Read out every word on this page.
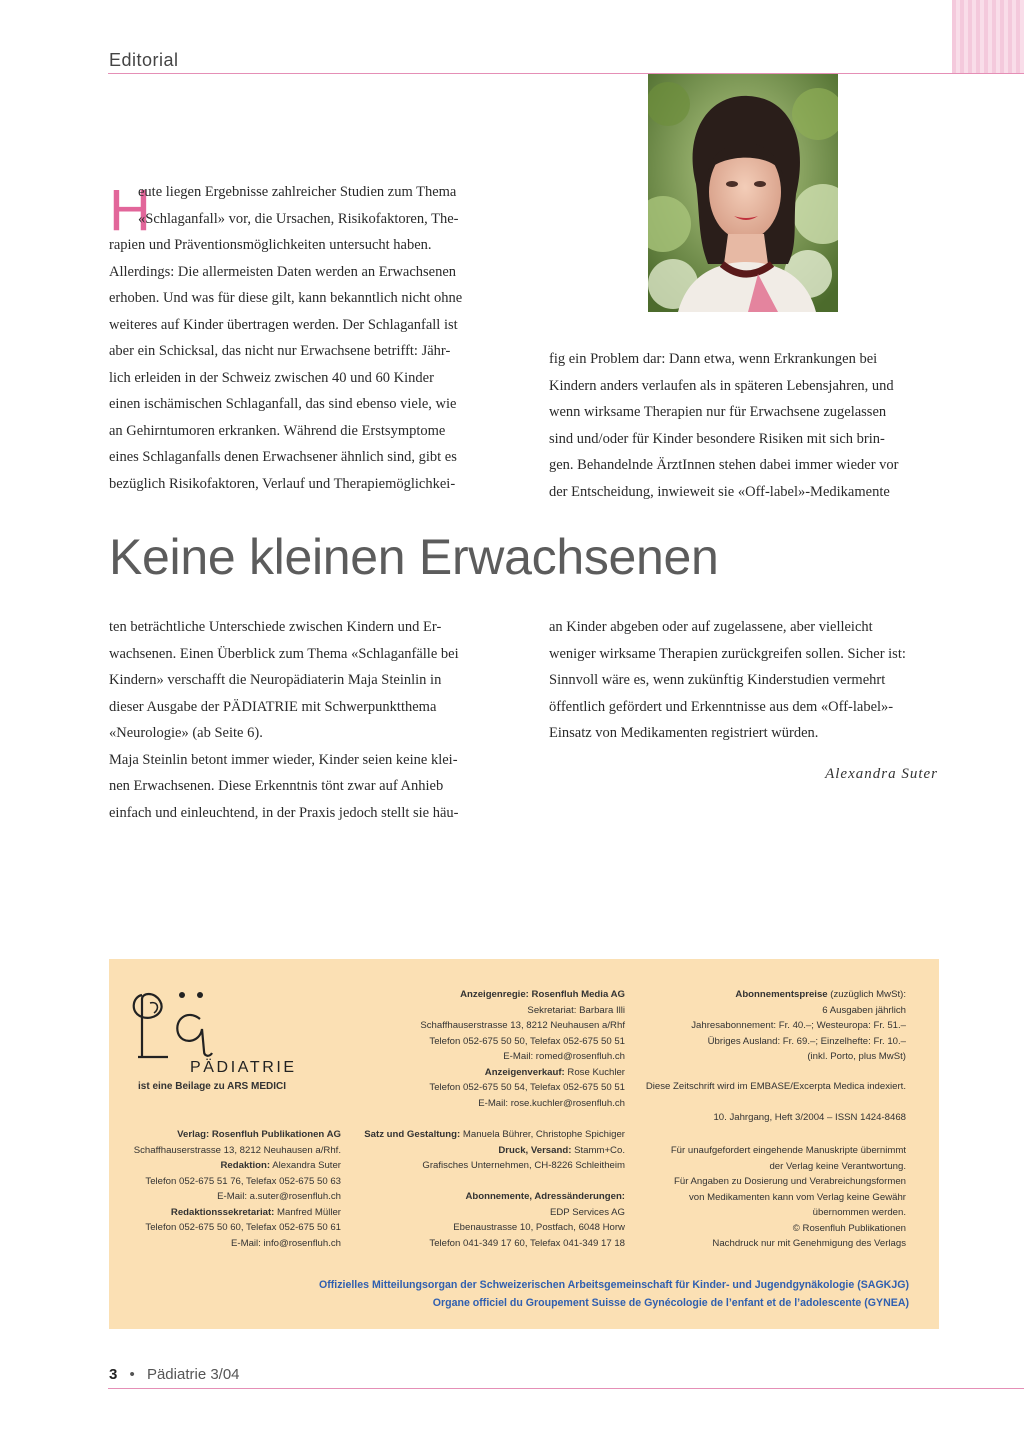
Editorial
H

eute liegen Ergebnisse zahlreicher Studien zum Thema

«Schlaganfall» vor, die Ursachen, Risikofaktoren, The-

rapien und Präventionsmöglichkeiten untersucht haben.

Allerdings: Die allermeisten Daten werden an Erwachsenen

erhoben. Und was für diese gilt, kann bekanntlich nicht ohne

weiteres auf Kinder übertragen werden. Der Schlaganfall ist

aber ein Schicksal, das nicht nur Erwachsene betrifft: Jähr-

lich erleiden in der Schweiz zwischen 40 und 60 Kinder

einen ischämischen Schlaganfall, das sind ebenso viele, wie

an Gehirntumoren erkranken. Während die Erstsymptome

eines Schlaganfalls denen Erwachsener ähnlich sind, gibt es

bezüglich Risikofaktoren, Verlauf und Therapiemöglichkei-

fig ein Problem dar: Dann etwa, wenn Erkrankungen bei

Kindern anders verlaufen als in späteren Lebensjahren, und

wenn wirksame Therapien nur für Erwachsene zugelassen

sind und/oder für Kinder besondere Risiken mit sich brin-

gen. Behandelnde ÄrztInnen stehen dabei immer wieder vor

der Entscheidung, inwieweit sie «Off-label»-Medikamente

Keine kleinen Erwachsenen

ten beträchtliche Unterschiede zwischen Kindern und Er-

wachsenen. Einen Überblick zum Thema «Schlaganfälle bei

Kindern» verschafft die Neuropädiaterin Maja Steinlin in

dieser Ausgabe der PÄDIATRIE mit Schwerpunktthema

«Neurologie» (ab Seite 6).

Maja Steinlin betont immer wieder, Kinder seien keine klei-

nen Erwachsenen. Diese Erkenntnis tönt zwar auf Anhieb

einfach und einleuchtend, in der Praxis jedoch stellt sie häu-

an Kinder abgeben oder auf zugelassene, aber vielleicht

weniger wirksame Therapien zurückgreifen sollen. Sicher ist:

Sinnvoll wäre es, wenn zukünftig Kinderstudien vermehrt

öffentlich gefördert und Erkenntnisse aus dem «Off-label»-

Einsatz von Medikamenten registriert würden.

Alexandra Suter
PÄDIATRIE
ist eine Beilage zu ARS MEDICI
Verlag: Rosenfluh Publikationen AG
Schaffhauserstrasse 13, 8212 Neuhausen a/Rhf.
Redaktion: Alexandra Suter
Telefon 052-675 51 76, Telefax 052-675 50 63
E-Mail: a.suter@rosenfluh.ch
Redaktionssekretariat: Manfred Müller
Telefon 052-675 50 60, Telefax 052-675 50 61
E-Mail: info@rosenfluh.ch
Anzeigenregie: Rosenfluh Media AG
Sekretariat: Barbara Illi
Schaffhauserstrasse 13, 8212 Neuhausen a/Rhf
Telefon 052-675 50 50, Telefax 052-675 50 51
E-Mail: romed@rosenfluh.ch
Anzeigenverkauf: Rose Kuchler
Telefon 052-675 50 54, Telefax 052-675 50 51
E-Mail: rose.kuchler@rosenfluh.ch
Satz und Gestaltung: Manuela Bührer, Christophe Spichiger
Druck, Versand: Stamm+Co.
Grafisches Unternehmen, CH-8226 Schleitheim
Abonnemente, Adressänderungen:
EDP Services AG
Ebenaustrasse 10, Postfach, 6048 Horw
Telefon 041-349 17 60, Telefax 041-349 17 18
Abonnementspreise (zuzüglich MwSt):
6 Ausgaben jährlich
Jahresabonnement: Fr. 40.–; Westeuropa: Fr. 51.–
Übriges Ausland: Fr. 69.–; Einzelhefte: Fr. 10.–
(inkl. Porto, plus MwSt)
Diese Zeitschrift wird im EMBASE/Excerpta Medica indexiert.
10. Jahrgang, Heft 3/2004 – ISSN 1424-8468
Für unaufgefordert eingehende Manuskripte übernimmt
der Verlag keine Verantwortung.
Für Angaben zu Dosierung und Verabreichungsformen
von Medikamenten kann vom Verlag keine Gewähr
übernommen werden.
© Rosenfluh Publikationen
Nachdruck nur mit Genehmigung des Verlags
Offizielles Mitteilungsorgan der Schweizerischen Arbeitsgemeinschaft für Kinder- und Jugendgynäkologie (SAGKJG)
Organe officiel du Groupement Suisse de Gynécologie de l’enfant et de l’adolescente (GYNEA)
3 • Pädiatrie 3/04
